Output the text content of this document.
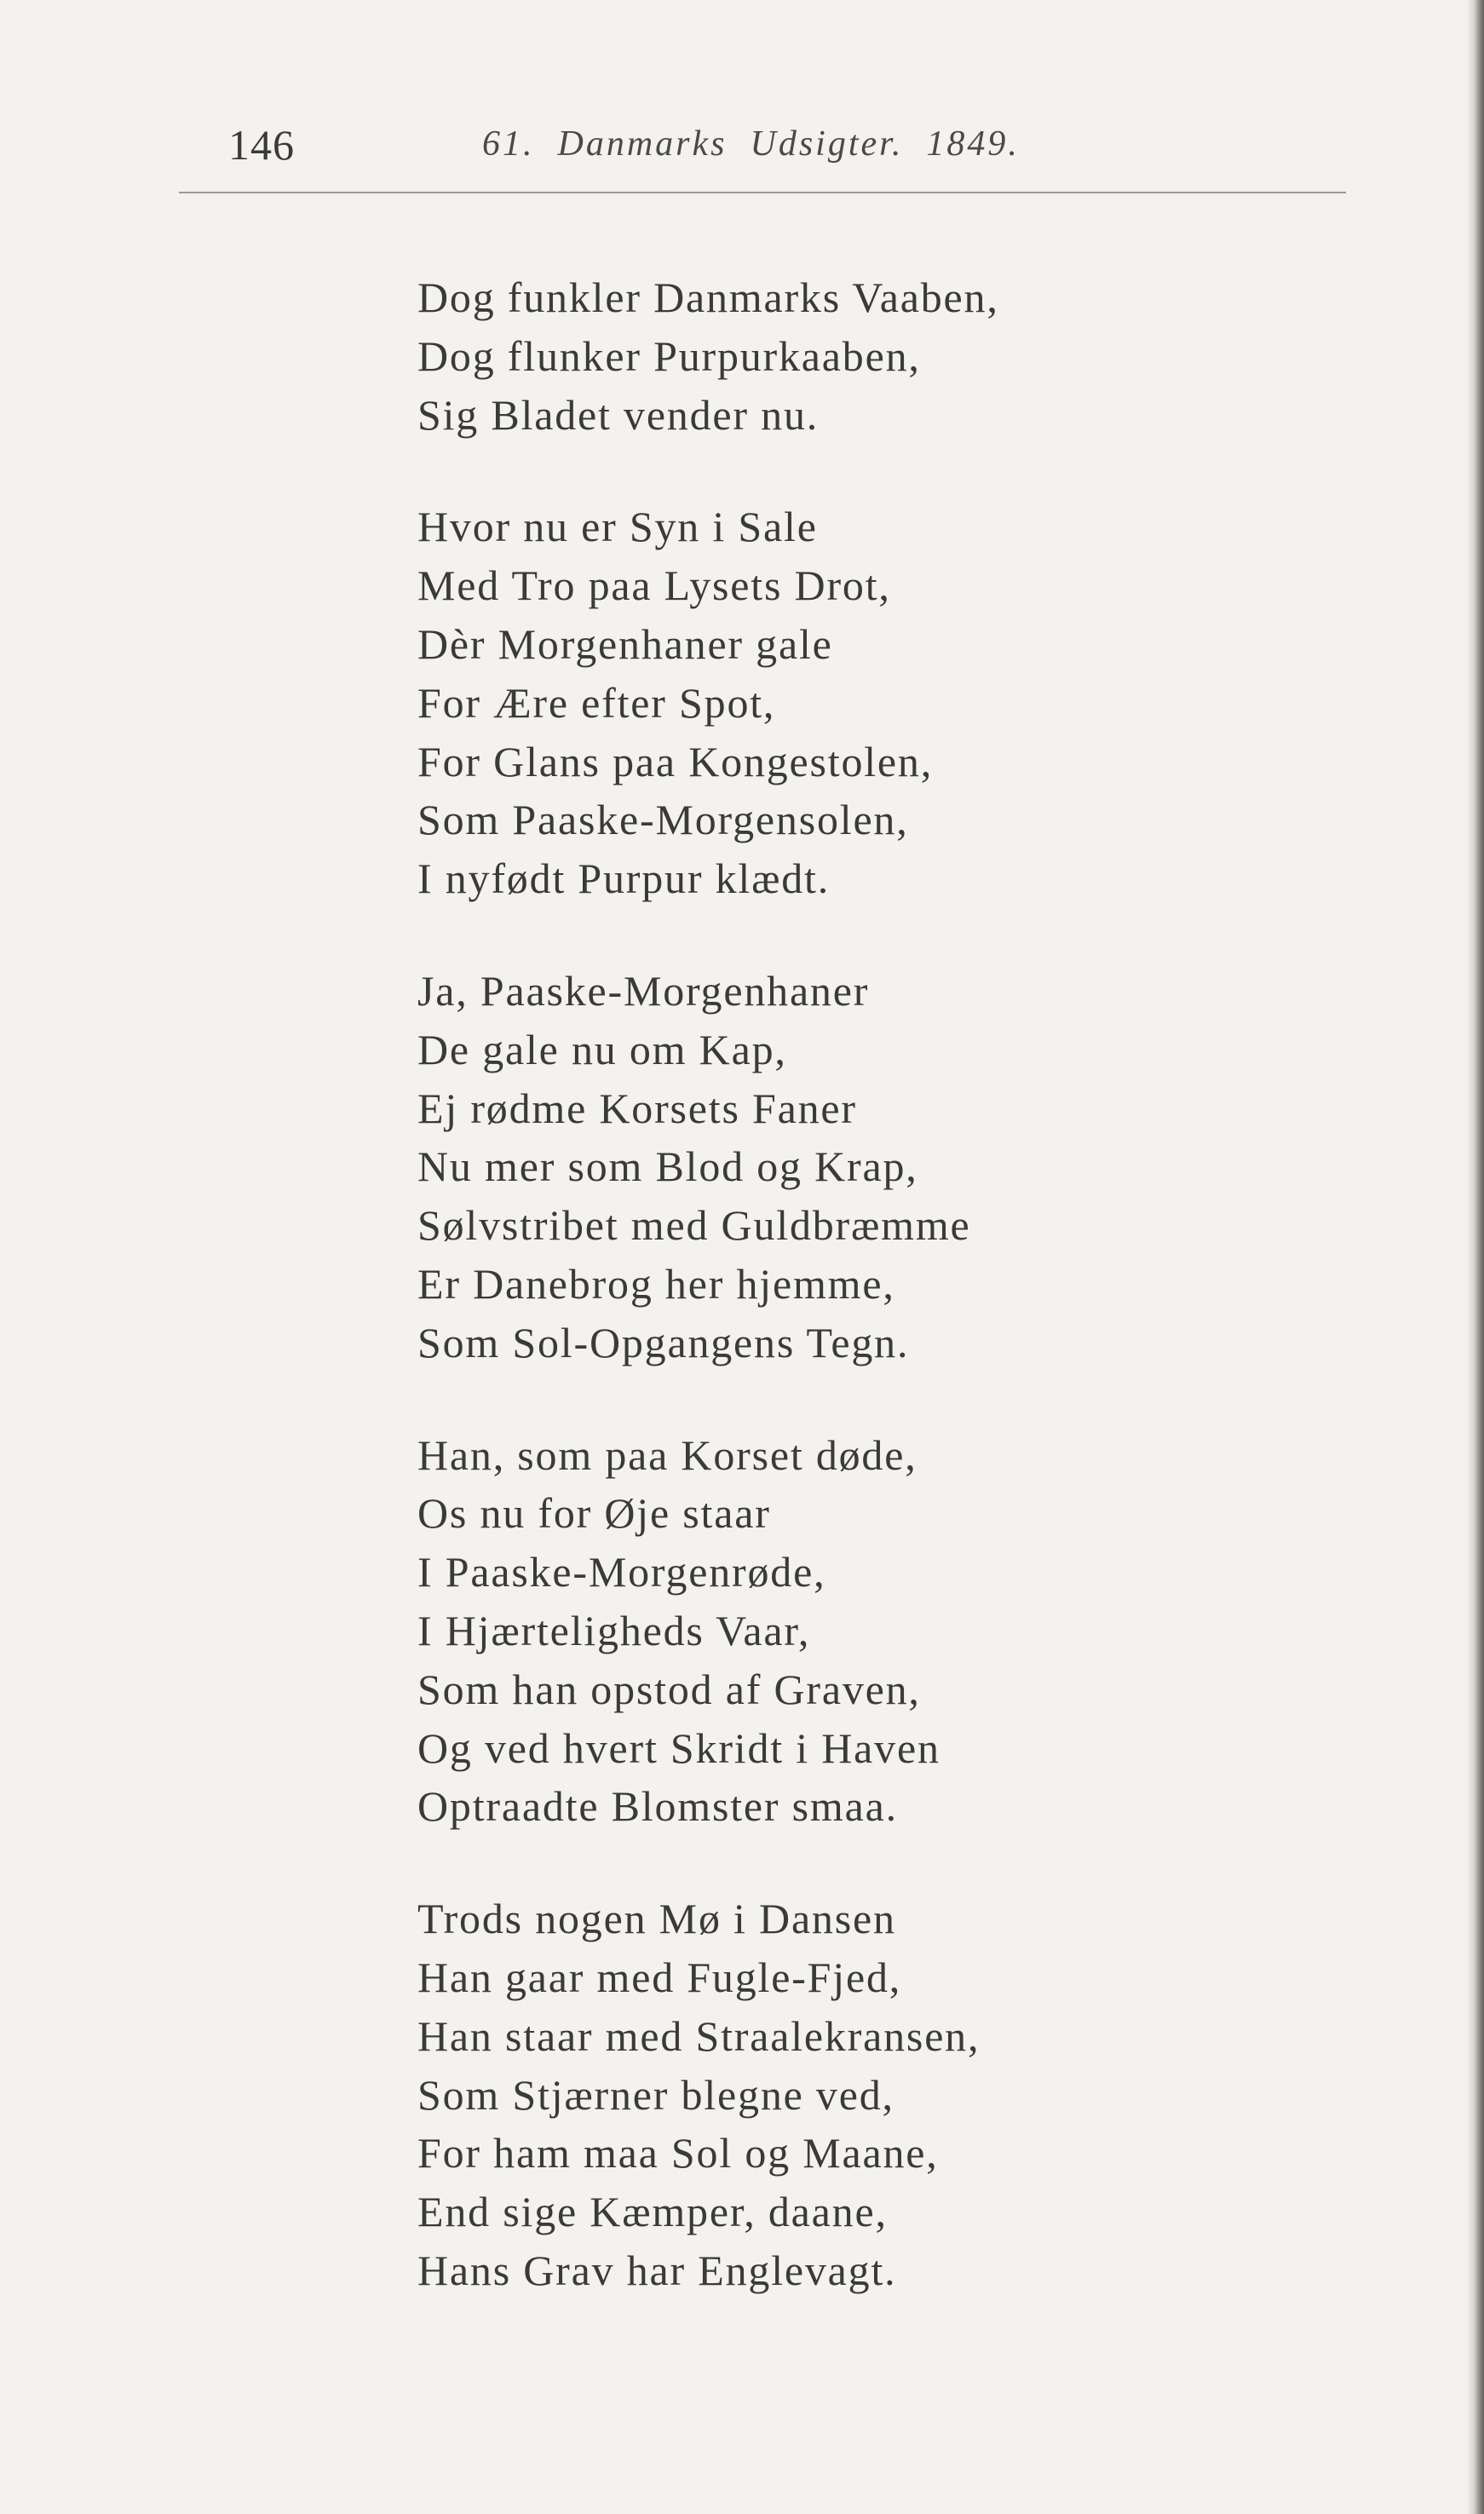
146	61.  Danmarks  Udsigter.  1849.
Dog funkler Danmarks Vaaben,
Dog flunker Purpurkaaben,
Sig Bladet vender nu.
Hvor nu er Syn i Sale
Med Tro paa Lysets Drot,
Dèr Morgenhaner gale
For Ære efter Spot,
For Glans paa Kongestolen,
Som Paaske-Morgensolen,
I nyfødt Purpur klædt.
Ja, Paaske-Morgenhaner
De gale nu om Kap,
Ej rødme Korsets Faner
Nu mer som Blod og Krap,
Sølvstribet med Guldbræmme
Er Danebrog her hjemme,
Som Sol-Opgangens Tegn.
Han, som paa Korset døde,
Os nu for Øje staar
I Paaske-Morgenrøde,
I Hjærteligheds Vaar,
Som han opstod af Graven,
Og ved hvert Skridt i Haven
Optraadte Blomster smaa.
Trods nogen Mø i Dansen
Han gaar med Fugle-Fjed,
Han staar med Straalekransen,
Som Stjærner blegne ved,
For ham maa Sol og Maane,
End sige Kæmper, daane,
Hans Grav har Englevagt.
